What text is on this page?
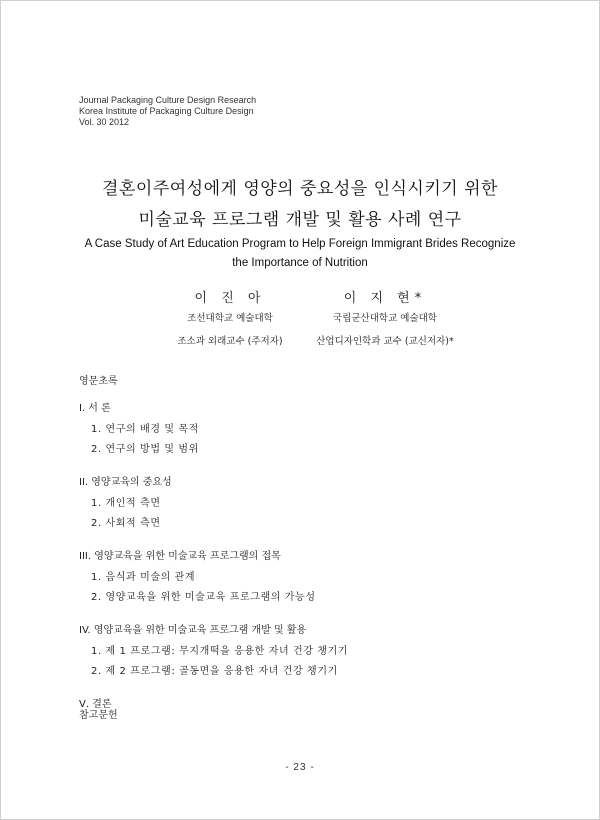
Journal Packaging Culture Design Research
Korea Institute of Packaging Culture Design
Vol. 30 2012
결혼이주여성에게 영양의 중요성을 인식시키기 위한
미술교육 프로그램 개발 및 활용 사례 연구
A Case Study of Art Education Program to Help Foreign Immigrant Brides Recognize
the Importance of Nutrition
이 진 아
조선대학교 예술대학
조소과 외래교수 (주저자)
이 지 현*
국립군산대학교 예술대학
산업디자인학과 교수 (교신저자)*
영문초록
Ⅰ. 서 론
1. 연구의 배경 및 목적
2. 연구의 방법 및 범위
II. 영양교육의 중요성
1. 개인적 측면
2. 사회적 측면
III. 영양교육을 위한 미술교육 프로그램의 접목
1. 음식과 미술의 관계
2. 영양교육을 위한 미술교육 프로그램의 가능성
IV. 영양교육을 위한 미술교육 프로그램 개발 및 활용
1. 제 1 프로그램: 무지개떡을 응용한 자녀 건강 챙기기
2. 제 2 프로그램: 골동면을 응용한 자녀 건강 챙기기
Ⅴ. 결론
참고문헌
- 23 -
